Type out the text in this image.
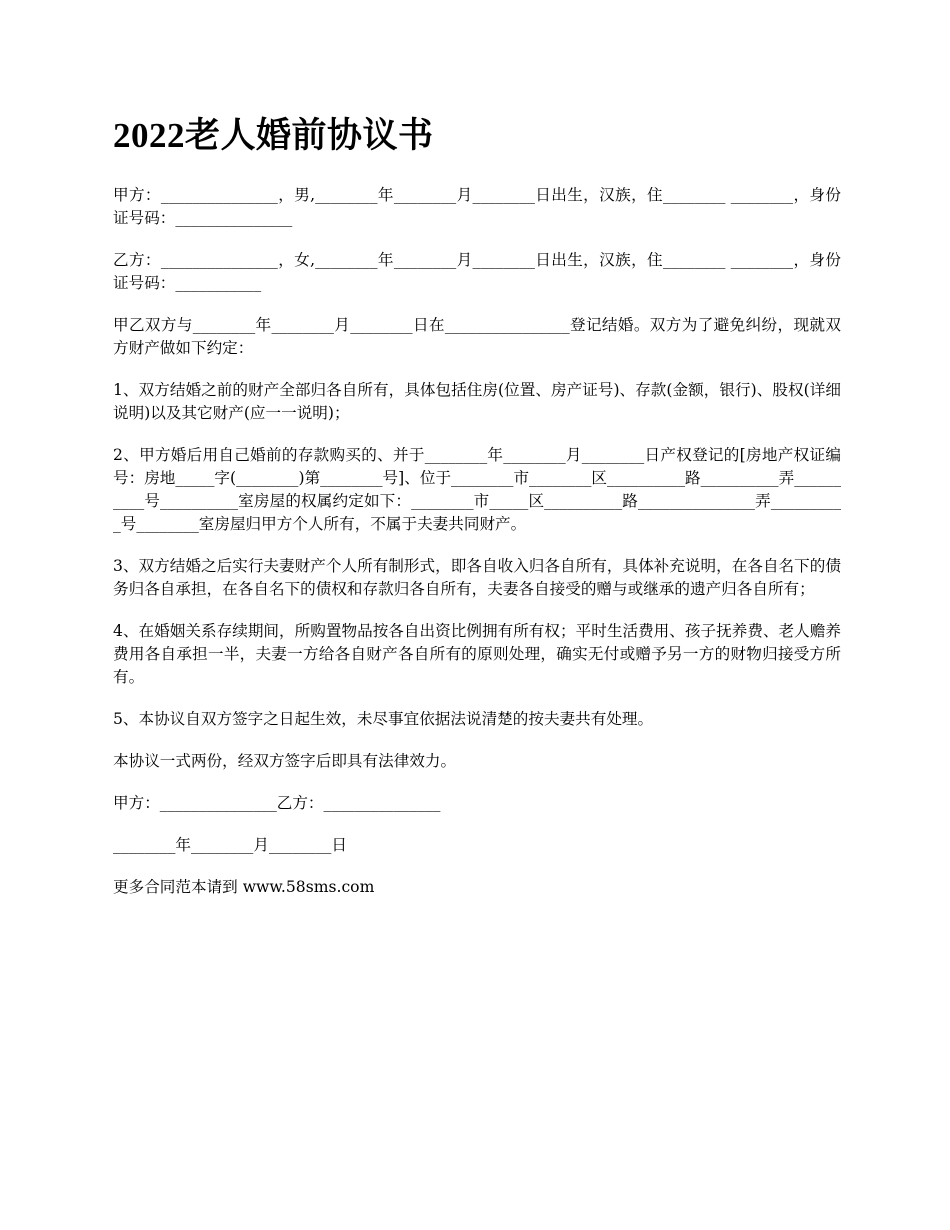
2022老人婚前协议书

甲方：_______________，男,________年________月________日出生，汉族，住________ ________，身份证号码：_______________

乙方：_______________，女,________年________月________日出生，汉族，住________ ________，身份证号码：___________

甲乙双方与________年________月________日在________________登记结婚。双方为了避免纠纷，现就双方财产做如下约定：

1、双方结婚之前的财产全部归各自所有，具体包括住房(位置、房产证号)、存款(金额，银行)、股权(详细说明)以及其它财产(应一一说明)；

2、甲方婚后用自己婚前的存款购买的、并于________年________月________日产权登记的[房地产权证编号：房地_____字(________)第________号]、位于________市________区__________路__________弄__________号__________室房屋的权属约定如下：________市_____区__________路_______________弄__________号________室房屋归甲方个人所有，不属于夫妻共同财产。

3、双方结婚之后实行夫妻财产个人所有制形式，即各自收入归各自所有，具体补充说明，在各自名下的债务归各自承担，在各自名下的债权和存款归各自所有，夫妻各自接受的赠与或继承的遗产归各自所有；

4、在婚姻关系存续期间，所购置物品按各自出资比例拥有所有权；平时生活费用、孩子抚养费、老人赡养费用各自承担一半，夫妻一方给各自财产各自所有的原则处理，确实无付或赠予另一方的财物归接受方所有。

5、本协议自双方签字之日起生效，未尽事宜依据法说清楚的按夫妻共有处理。

本协议一式两份，经双方签字后即具有法律效力。

甲方：_______________乙方：_______________

________年________月________日

更多合同范本请到 www.58sms.com
